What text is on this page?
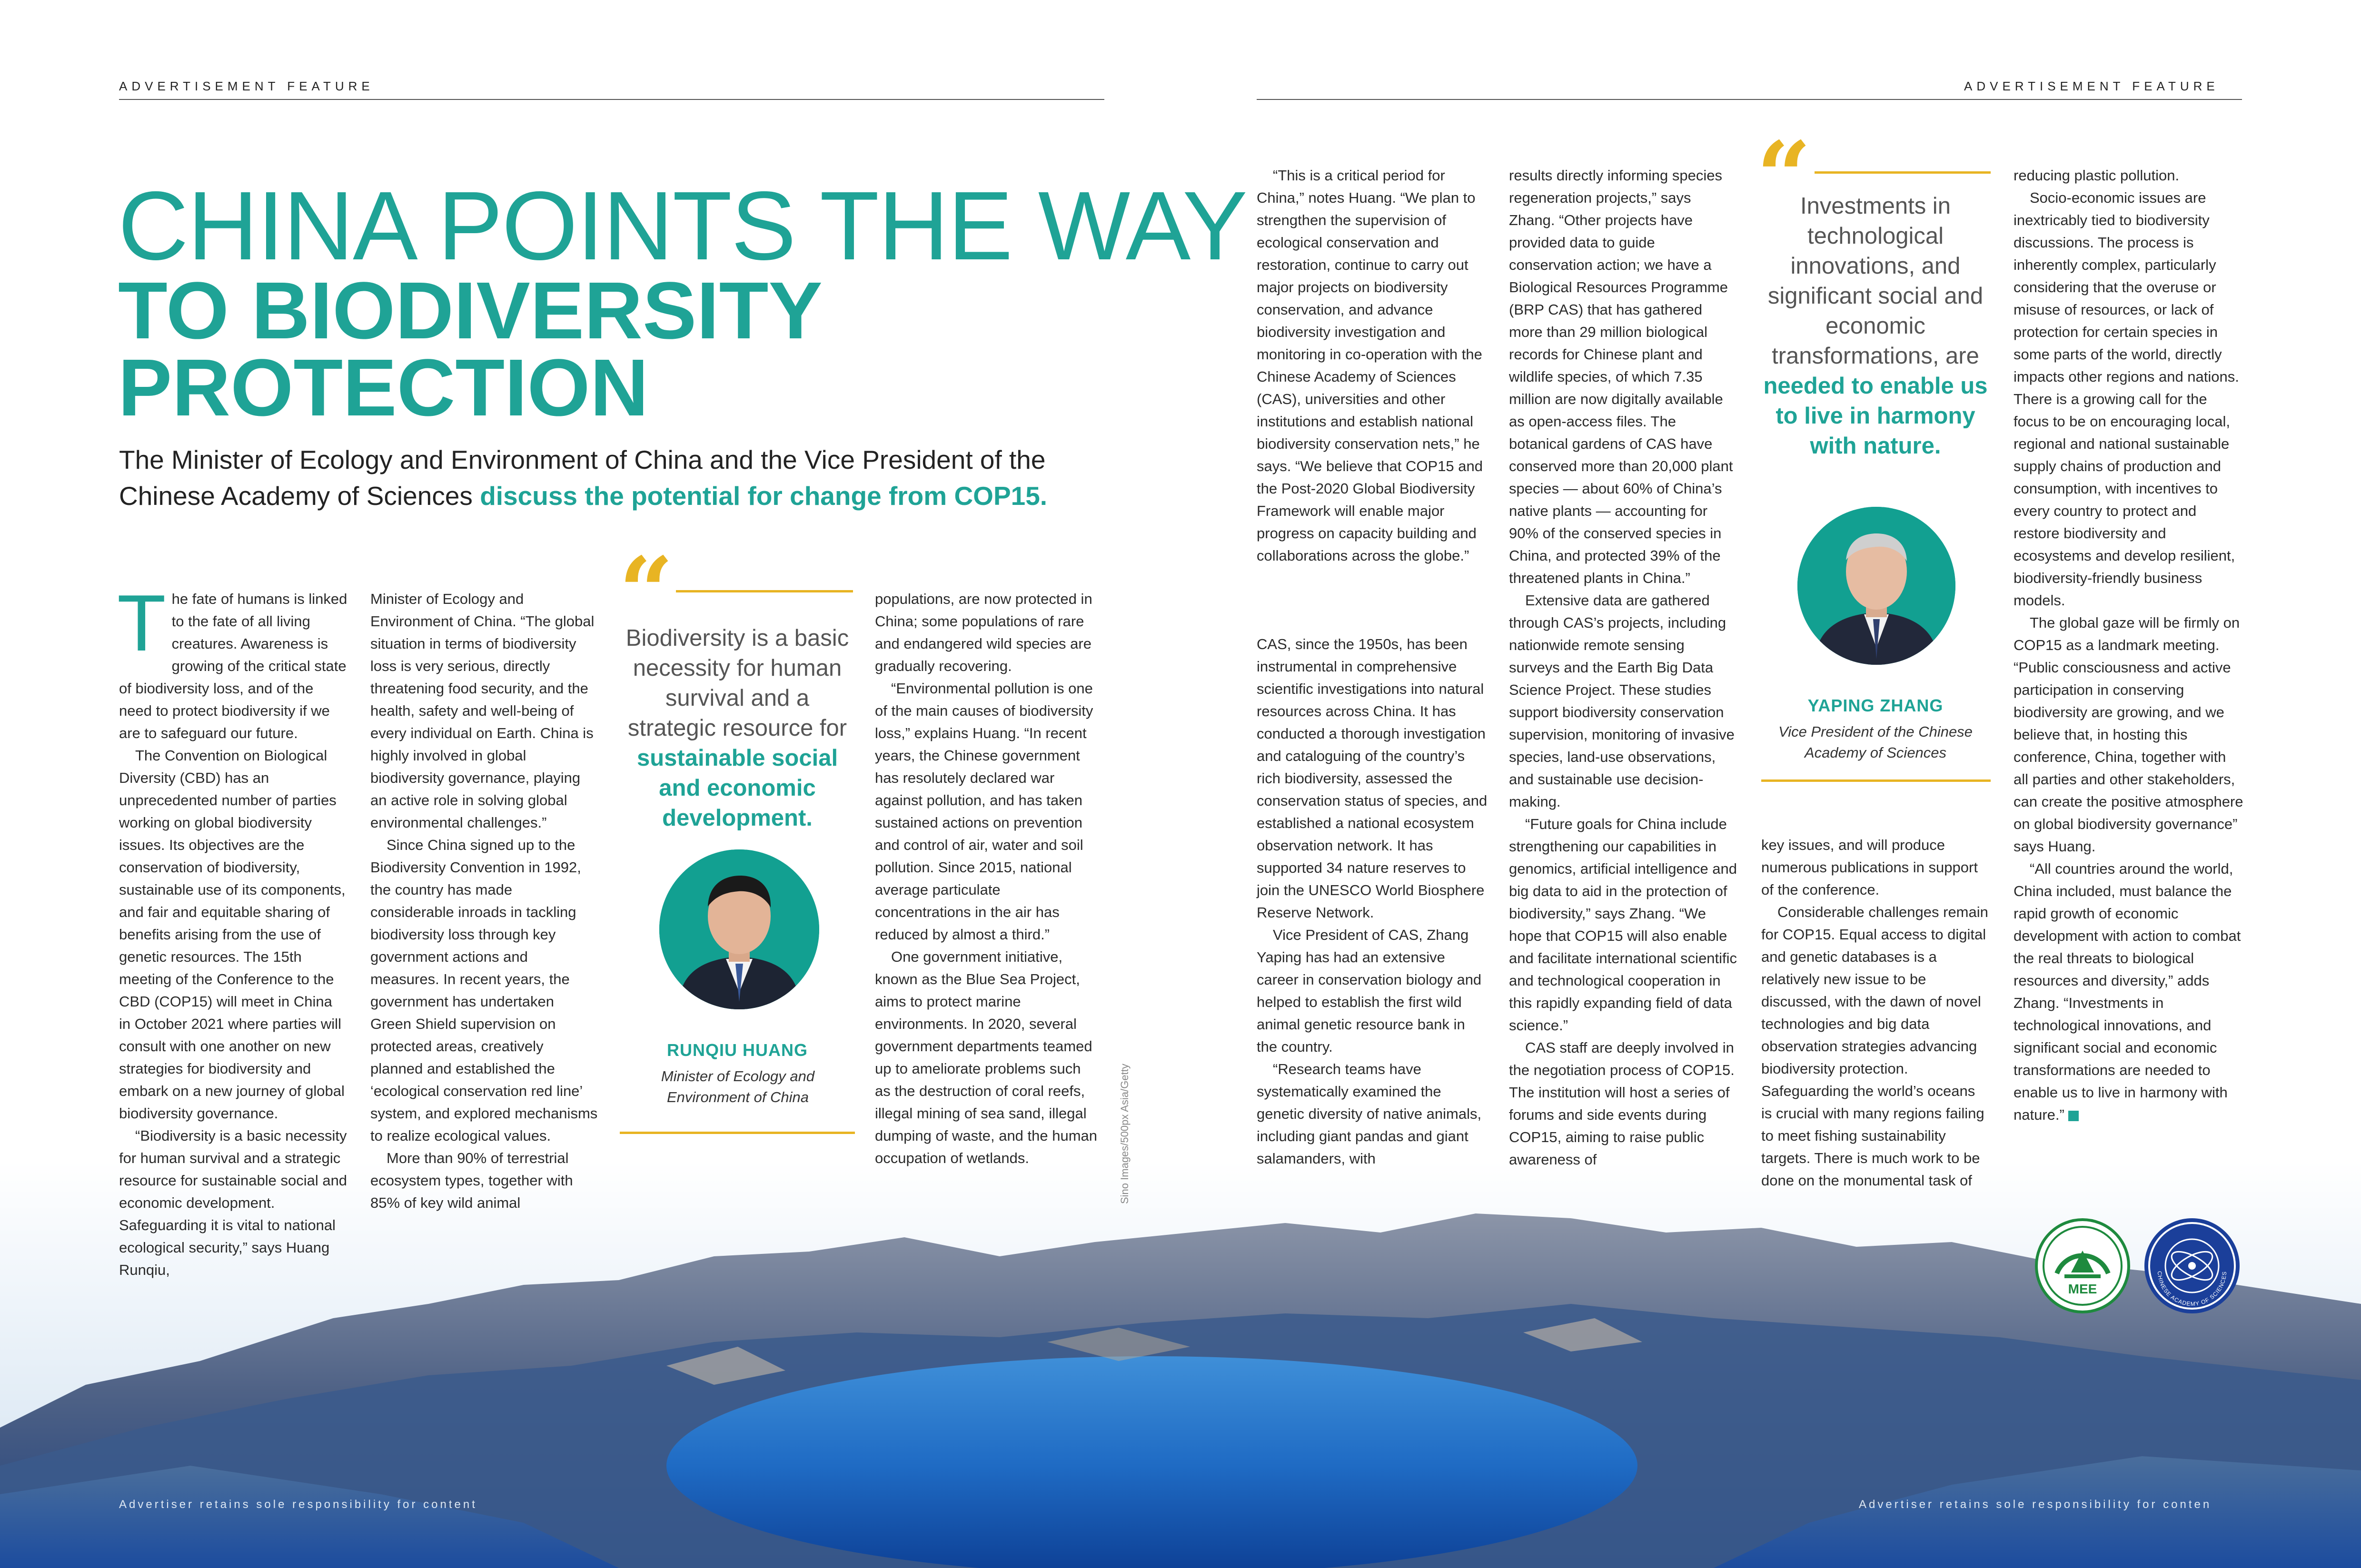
ADVERTISEMENT FEATURE	ADVERTISEMENT FEATURE
CHINA POINTS THE WAY
TO BIODIVERSITY
PROTECTION
The Minister of Ecology and Environment of China and the Vice President of the Chinese Academy of Sciences discuss the potential for change from COP15.

The fate of humans is linked to the fate of all living creatures. Awareness is growing of the critical state of biodiversity loss, and of the need to protect biodiversity if we are to safeguard our future.

The Convention on Biological Diversity (CBD) has an unprecedented number of parties working on global biodiversity issues. Its objectives are the conservation of biodiversity, sustainable use of its components, and fair and equitable sharing of benefits arising from the use of genetic resources. The 15th meeting of the Conference to the CBD (COP15) will meet in China in October 2021 where parties will consult with one another on new strategies for biodiversity and embark on a new journey of global biodiversity governance.

“Biodiversity is a basic necessity for human survival and a strategic resource for sustainable social and economic development. Safeguarding it is vital to national ecological security,” says Huang Runqiu,

Minister of Ecology and Environment of China. “The global situation in terms of biodiversity loss is very serious, directly threatening food security, and the health, safety and well-being of every individual on Earth. China is highly involved in global biodiversity governance, playing an active role in solving global environmental challenges.”

Since China signed up to the Biodiversity Convention in 1992, the country has made considerable inroads in tackling biodiversity loss through key government actions and measures. In recent years, the government has undertaken Green Shield supervision on protected areas, creatively planned and established the ‘ecological conservation red line’ system, and explored mechanisms to realize ecological values.

More than 90% of terrestrial ecosystem types, together with 85% of key wild animal

“
Biodiversity is a basic necessity for human survival and a strategic resource for sustainable social and economic development.
RUNQIU HUANG
Minister of Ecology and Environment of China

populations, are now protected in China; some populations of rare and endangered wild species are gradually recovering.

“Environmental pollution is one of the main causes of biodiversity loss,” explains Huang. “In recent years, the Chinese government has resolutely declared war against pollution, and has taken sustained actions on prevention and control of air, water and soil pollution. Since 2015, national average particulate concentrations in the air has reduced by almost a third.”

One government initiative, known as the Blue Sea Project, aims to protect marine environments. In 2020, several government departments teamed up to ameliorate problems such as the destruction of coral reefs, illegal mining of sea sand, illegal dumping of waste, and the human occupation of wetlands.	Sino Images/500px Asia/Getty

“This is a critical period for China,” notes Huang. “We plan to strengthen the supervision of ecological conservation and restoration, continue to carry out major projects on biodiversity conservation, and advance biodiversity investigation and monitoring in co-operation with the Chinese Academy of Sciences (CAS), universities and other institutions and establish national biodiversity conservation nets,” he says. “We believe that COP15 and the Post-2020 Global Biodiversity Framework will enable major progress on capacity building and collaborations across the globe.”

CAS, since the 1950s, has been instrumental in comprehensive scientific investigations into natural resources across China. It has conducted a thorough investigation and cataloguing of the country’s rich biodiversity, assessed the conservation status of species, and established a national ecosystem observation network. It has supported 34 nature reserves to join the UNESCO World Biosphere Reserve Network.

Vice President of CAS, Zhang Yaping has had an extensive career in conservation biology and helped to establish the first wild animal genetic resource bank in the country.

“Research teams have systematically examined the genetic diversity of native animals, including giant pandas and giant salamanders, with

results directly informing species regeneration projects,” says Zhang. “Other projects have provided data to guide conservation action; we have a Biological Resources Programme (BRP CAS) that has gathered more than 29 million biological records for Chinese plant and wildlife species, of which 7.35 million are now digitally available as open-access files. The botanical gardens of CAS have conserved more than 20,000 plant species — about 60% of China’s native plants — accounting for 90% of the conserved species in China, and protected 39% of the threatened plants in China.”

Extensive data are gathered through CAS’s projects, including nationwide remote sensing surveys and the Earth Big Data Science Project. These studies support biodiversity conservation supervision, monitoring of invasive species, land-use observations, and sustainable use decision-making.

“Future goals for China include strengthening our capabilities in genomics, artificial intelligence and big data to aid in the protection of biodiversity,” says Zhang. “We hope that COP15 will also enable and facilitate international scientific and technological cooperation in this rapidly expanding field of data science.”

CAS staff are deeply involved in the negotiation process of COP15. The institution will host a series of forums and side events during COP15, aiming to raise public awareness of

“
Investments in technological innovations, and significant social and economic transformations, are needed to enable us to live in harmony with nature.
YAPING ZHANG
Vice President of the Chinese Academy of Sciences

key issues, and will produce numerous publications in support of the conference.

Considerable challenges remain for COP15. Equal access to digital and genetic databases is a relatively new issue to be discussed, with the dawn of novel technologies and big data observation strategies advancing biodiversity protection. Safeguarding the world’s oceans is crucial with many regions failing to meet fishing sustainability targets. There is much work to be done on the monumental task of

reducing plastic pollution.

Socio-economic issues are inextricably tied to biodiversity discussions. The process is inherently complex, particularly considering that the overuse or misuse of resources, or lack of protection for certain species in some parts of the world, directly impacts other regions and nations. There is a growing call for the focus to be on encouraging local, regional and national sustainable supply chains of production and consumption, with incentives to every country to protect and restore biodiversity and ecosystems and develop resilient, biodiversity-friendly business models.

The global gaze will be firmly on COP15 as a landmark meeting. “Public consciousness and active participation in conserving biodiversity are growing, and we believe that, in hosting this conference, China, together with all parties and other stakeholders, can create the positive atmosphere on global biodiversity governance” says Huang.

“All countries around the world, China included, must balance the rapid growth of economic development with action to combat the real threats to biological resources and diversity,” adds Zhang. “Investments in technological innovations, and significant social and economic transformations are needed to enable us to live in harmony with nature.”

MEE
CHINESE ACADEMY OF SCIENCES
Advertiser retains sole responsibility for content	Advertiser retains sole responsibility for conten
